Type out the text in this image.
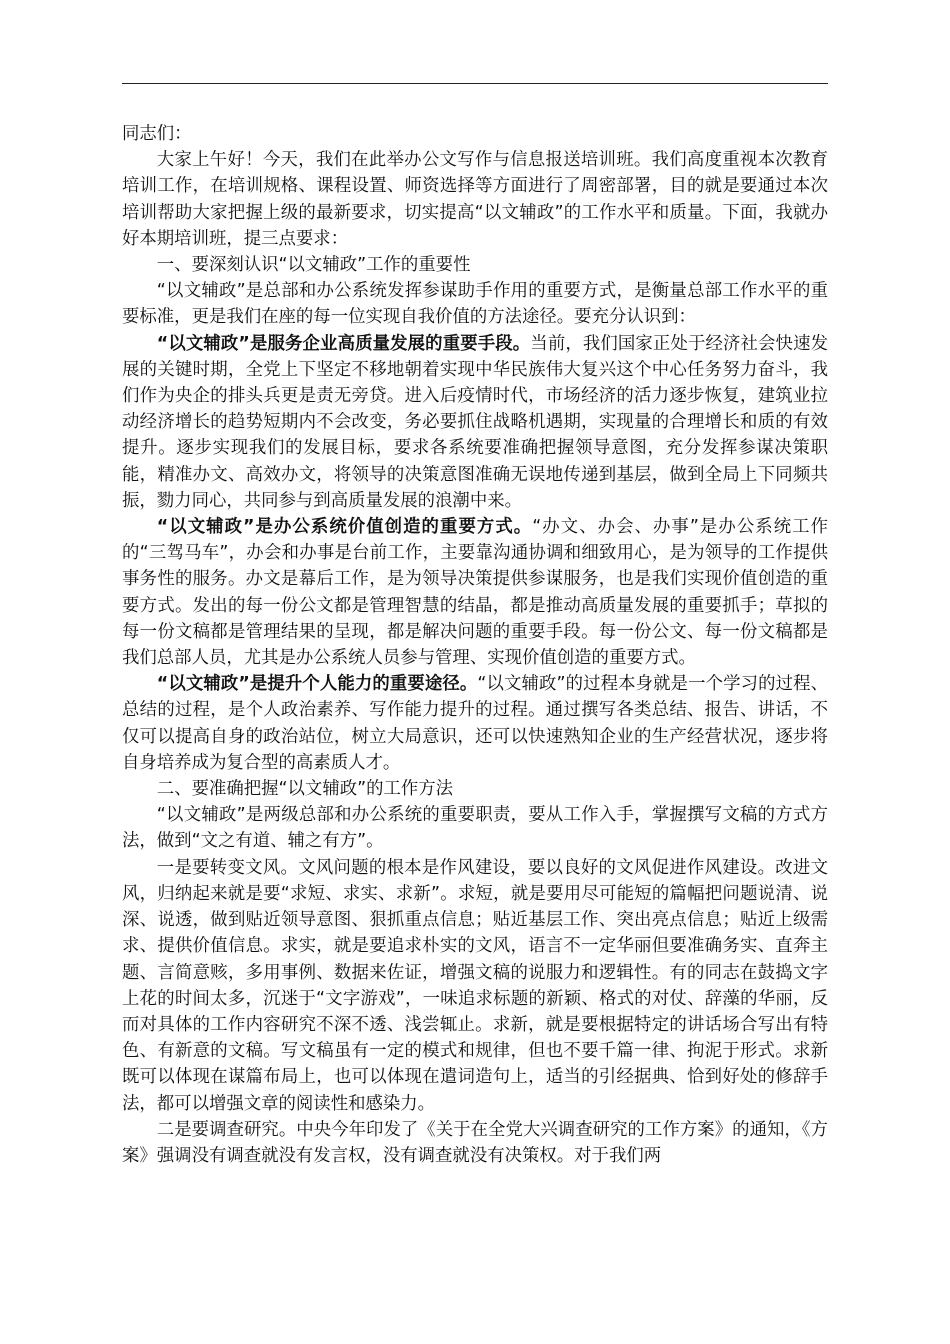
同志们：

大家上午好！今天，我们在此举办公文写作与信息报送培训班。我们高度重视本次教育培训工作，在培训规格、课程设置、师资选择等方面进行了周密部署，目的就是要通过本次培训帮助大家把握上级的最新要求，切实提高“以文辅政”的工作水平和质量。下面，我就办好本期培训班，提三点要求：

一、要深刻认识“以文辅政”工作的重要性

“以文辅政”是总部和办公系统发挥参谋助手作用的重要方式，是衡量总部工作水平的重要标准，更是我们在座的每一位实现自我价值的方法途径。要充分认识到：

“以文辅政”是服务企业高质量发展的重要手段。当前，我们国家正处于经济社会快速发展的关键时期，全党上下坚定不移地朝着实现中华民族伟大复兴这个中心任务努力奋斗，我们作为央企的排头兵更是责无旁贷。进入后疫情时代，市场经济的活力逐步恢复，建筑业拉动经济增长的趋势短期内不会改变，务必要抓住战略机遇期，实现量的合理增长和质的有效提升。逐步实现我们的发展目标，要求各系统要准确把握领导意图，充分发挥参谋决策职能，精准办文、高效办文，将领导的决策意图准确无误地传递到基层，做到全局上下同频共振，勠力同心，共同参与到高质量发展的浪潮中来。

“以文辅政”是办公系统价值创造的重要方式。“办文、办会、办事”是办公系统工作的“三驾马车”，办会和办事是台前工作，主要靠沟通协调和细致用心，是为领导的工作提供事务性的服务。办文是幕后工作，是为领导决策提供参谋服务，也是我们实现价值创造的重要方式。发出的每一份公文都是管理智慧的结晶，都是推动高质量发展的重要抓手；草拟的每一份文稿都是管理结果的呈现，都是解决问题的重要手段。每一份公文、每一份文稿都是我们总部人员，尤其是办公系统人员参与管理、实现价值创造的重要方式。

“以文辅政”是提升个人能力的重要途径。“以文辅政”的过程本身就是一个学习的过程、总结的过程，是个人政治素养、写作能力提升的过程。通过撰写各类总结、报告、讲话，不仅可以提高自身的政治站位，树立大局意识，还可以快速熟知企业的生产经营状况，逐步将自身培养成为复合型的高素质人才。

二、要准确把握“以文辅政”的工作方法

“以文辅政”是两级总部和办公系统的重要职责，要从工作入手，掌握撰写文稿的方式方法，做到“文之有道、辅之有方”。

一是要转变文风。文风问题的根本是作风建设，要以良好的文风促进作风建设。改进文风，归纳起来就是要“求短、求实、求新”。求短，就是要用尽可能短的篇幅把问题说清、说深、说透，做到贴近领导意图、狠抓重点信息；贴近基层工作、突出亮点信息；贴近上级需求、提供价值信息。求实，就是要追求朴实的文风，语言不一定华丽但要准确务实、直奔主题、言简意赅，多用事例、数据来佐证，增强文稿的说服力和逻辑性。有的同志在鼓捣文字上花的时间太多，沉迷于“文字游戏”，一味追求标题的新颖、格式的对仗、辞藻的华丽，反而对具体的工作内容研究不深不透、浅尝辄止。求新，就是要根据特定的讲话场合写出有特色、有新意的文稿。写文稿虽有一定的模式和规律，但也不要千篇一律、拘泥于形式。求新既可以体现在谋篇布局上，也可以体现在遣词造句上，适当的引经据典、恰到好处的修辞手法，都可以增强文章的阅读性和感染力。

二是要调查研究。中央今年印发了《关于在全党大兴调查研究的工作方案》的通知，《方案》强调没有调查就没有发言权，没有调查就没有决策权。对于我们两
